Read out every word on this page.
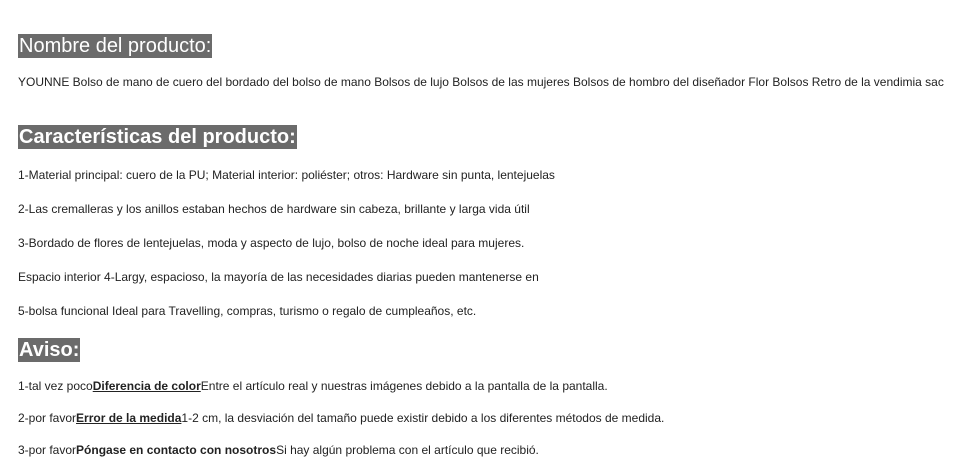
Nombre del producto:
YOUNNE Bolso de mano de cuero del bordado del bolso de mano Bolsos de lujo Bolsos de las mujeres Bolsos de hombro del diseñador Flor Bolsos Retro de la vendimia sac
Características del producto:
1-Material principal: cuero de la PU; Material interior: poliéster; otros: Hardware sin punta, lentejuelas
2-Las cremalleras y los anillos estaban hechos de hardware sin cabeza, brillante y larga vida útil
3-Bordado de flores de lentejuelas, moda y aspecto de lujo, bolso de noche ideal para mujeres.
Espacio interior 4-Largy, espacioso, la mayoría de las necesidades diarias pueden mantenerse en
5-bolsa funcional Ideal para Travelling, compras, turismo o regalo de cumpleaños, etc.
Aviso:
1-tal vez pocoDiferencia de colorEntre el artículo real y nuestras imágenes debido a la pantalla de la pantalla.
2-por favorError de la medida1-2 cm, la desviación del tamaño puede existir debido a los diferentes métodos de medida.
3-por favorPóngase en contacto con nosotrosSi hay algún problema con el artículo que recibió.
